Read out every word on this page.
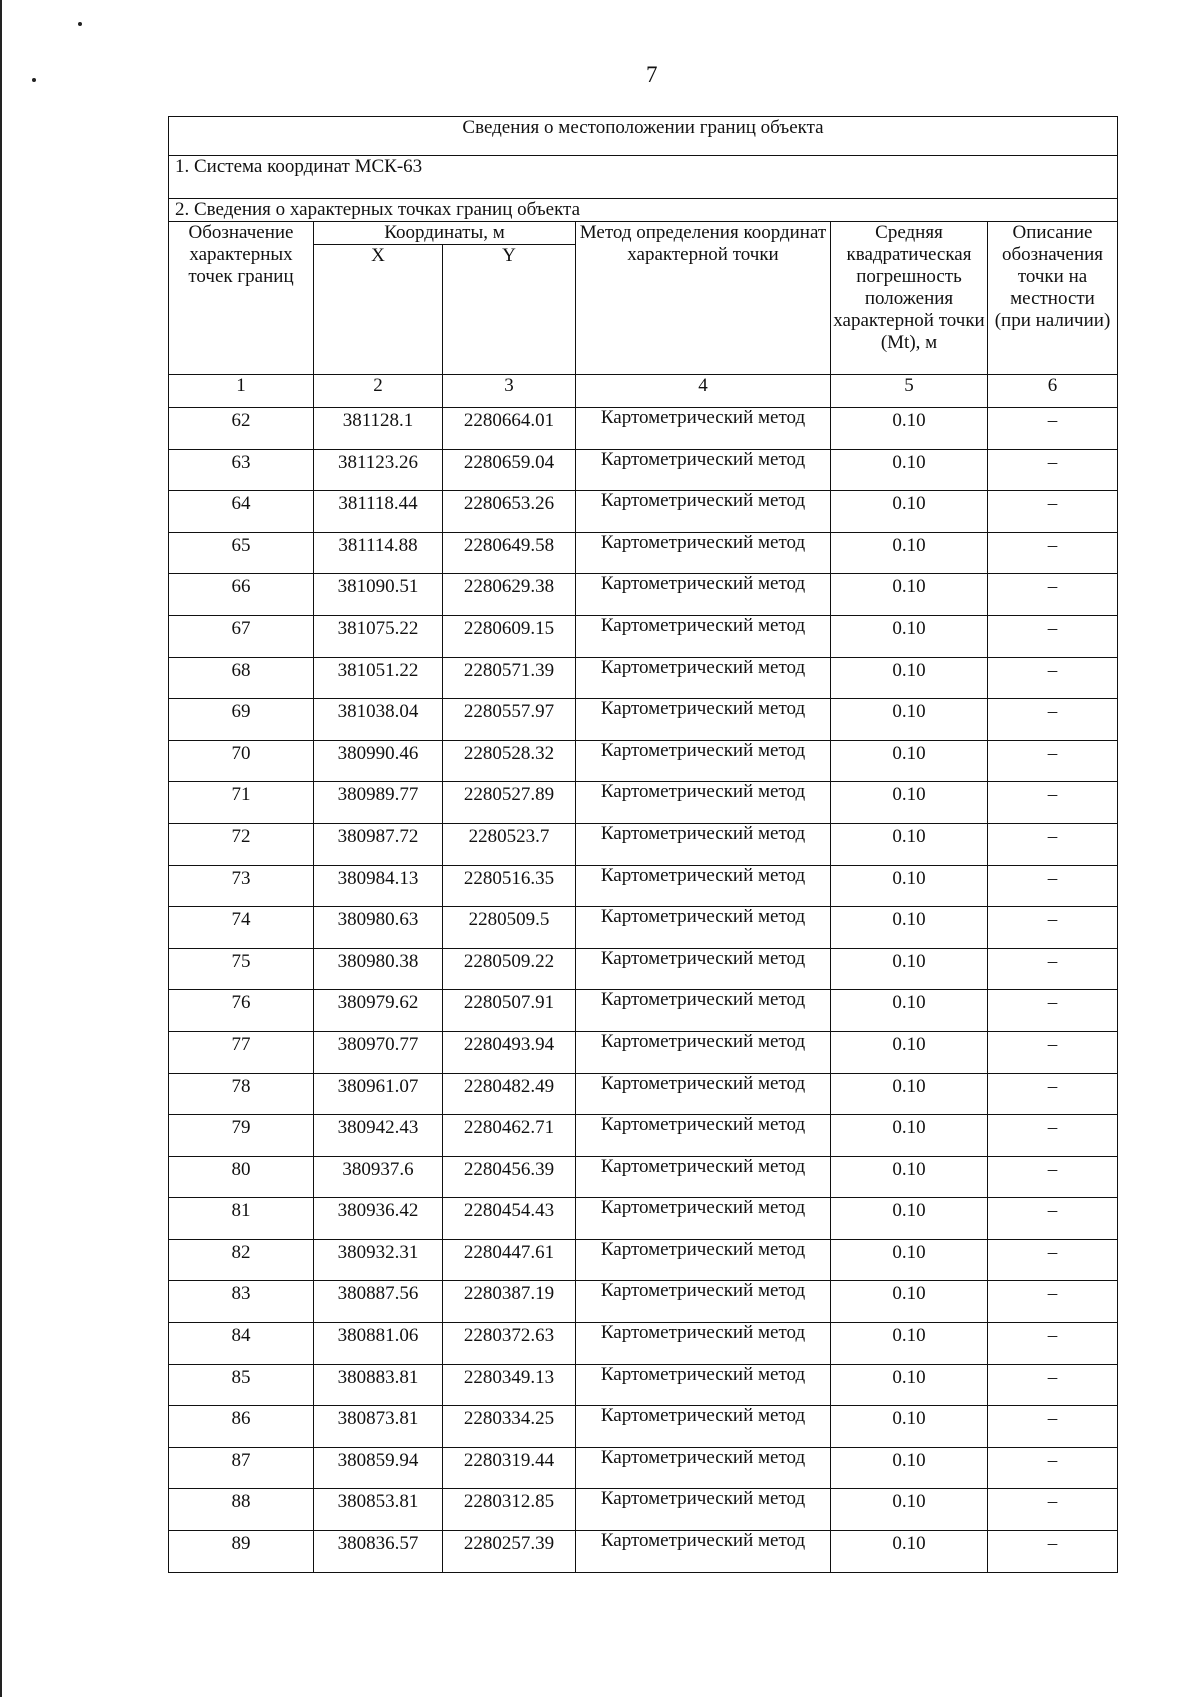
7
Сведения о местоположении границ объекта					
1. Система координат МСК-63					
2. Сведения о характерных точках границ объекта					
Обозначение характерных точек границ	Координаты, м		Метод определения координат характерной точки	Средняя квадратическая погрешность положения характерной точки (Mt), м	Описание обозначения точки на местности (при наличии)
	X	Y			
1	2	3	4	5	6
62	381128.1	2280664.01	Картометрический метод	0.10	–
63	381123.26	2280659.04	Картометрический метод	0.10	–
64	381118.44	2280653.26	Картометрический метод	0.10	–
65	381114.88	2280649.58	Картометрический метод	0.10	–
66	381090.51	2280629.38	Картометрический метод	0.10	–
67	381075.22	2280609.15	Картометрический метод	0.10	–
68	381051.22	2280571.39	Картометрический метод	0.10	–
69	381038.04	2280557.97	Картометрический метод	0.10	–
70	380990.46	2280528.32	Картометрический метод	0.10	–
71	380989.77	2280527.89	Картометрический метод	0.10	–
72	380987.72	2280523.7	Картометрический метод	0.10	–
73	380984.13	2280516.35	Картометрический метод	0.10	–
74	380980.63	2280509.5	Картометрический метод	0.10	–
75	380980.38	2280509.22	Картометрический метод	0.10	–
76	380979.62	2280507.91	Картометрический метод	0.10	–
77	380970.77	2280493.94	Картометрический метод	0.10	–
78	380961.07	2280482.49	Картометрический метод	0.10	–
79	380942.43	2280462.71	Картометрический метод	0.10	–
80	380937.6	2280456.39	Картометрический метод	0.10	–
81	380936.42	2280454.43	Картометрический метод	0.10	–
82	380932.31	2280447.61	Картометрический метод	0.10	–
83	380887.56	2280387.19	Картометрический метод	0.10	–
84	380881.06	2280372.63	Картометрический метод	0.10	–
85	380883.81	2280349.13	Картометрический метод	0.10	–
86	380873.81	2280334.25	Картометрический метод	0.10	–
87	380859.94	2280319.44	Картометрический метод	0.10	–
88	380853.81	2280312.85	Картометрический метод	0.10	–
89	380836.57	2280257.39	Картометрический метод	0.10	–
